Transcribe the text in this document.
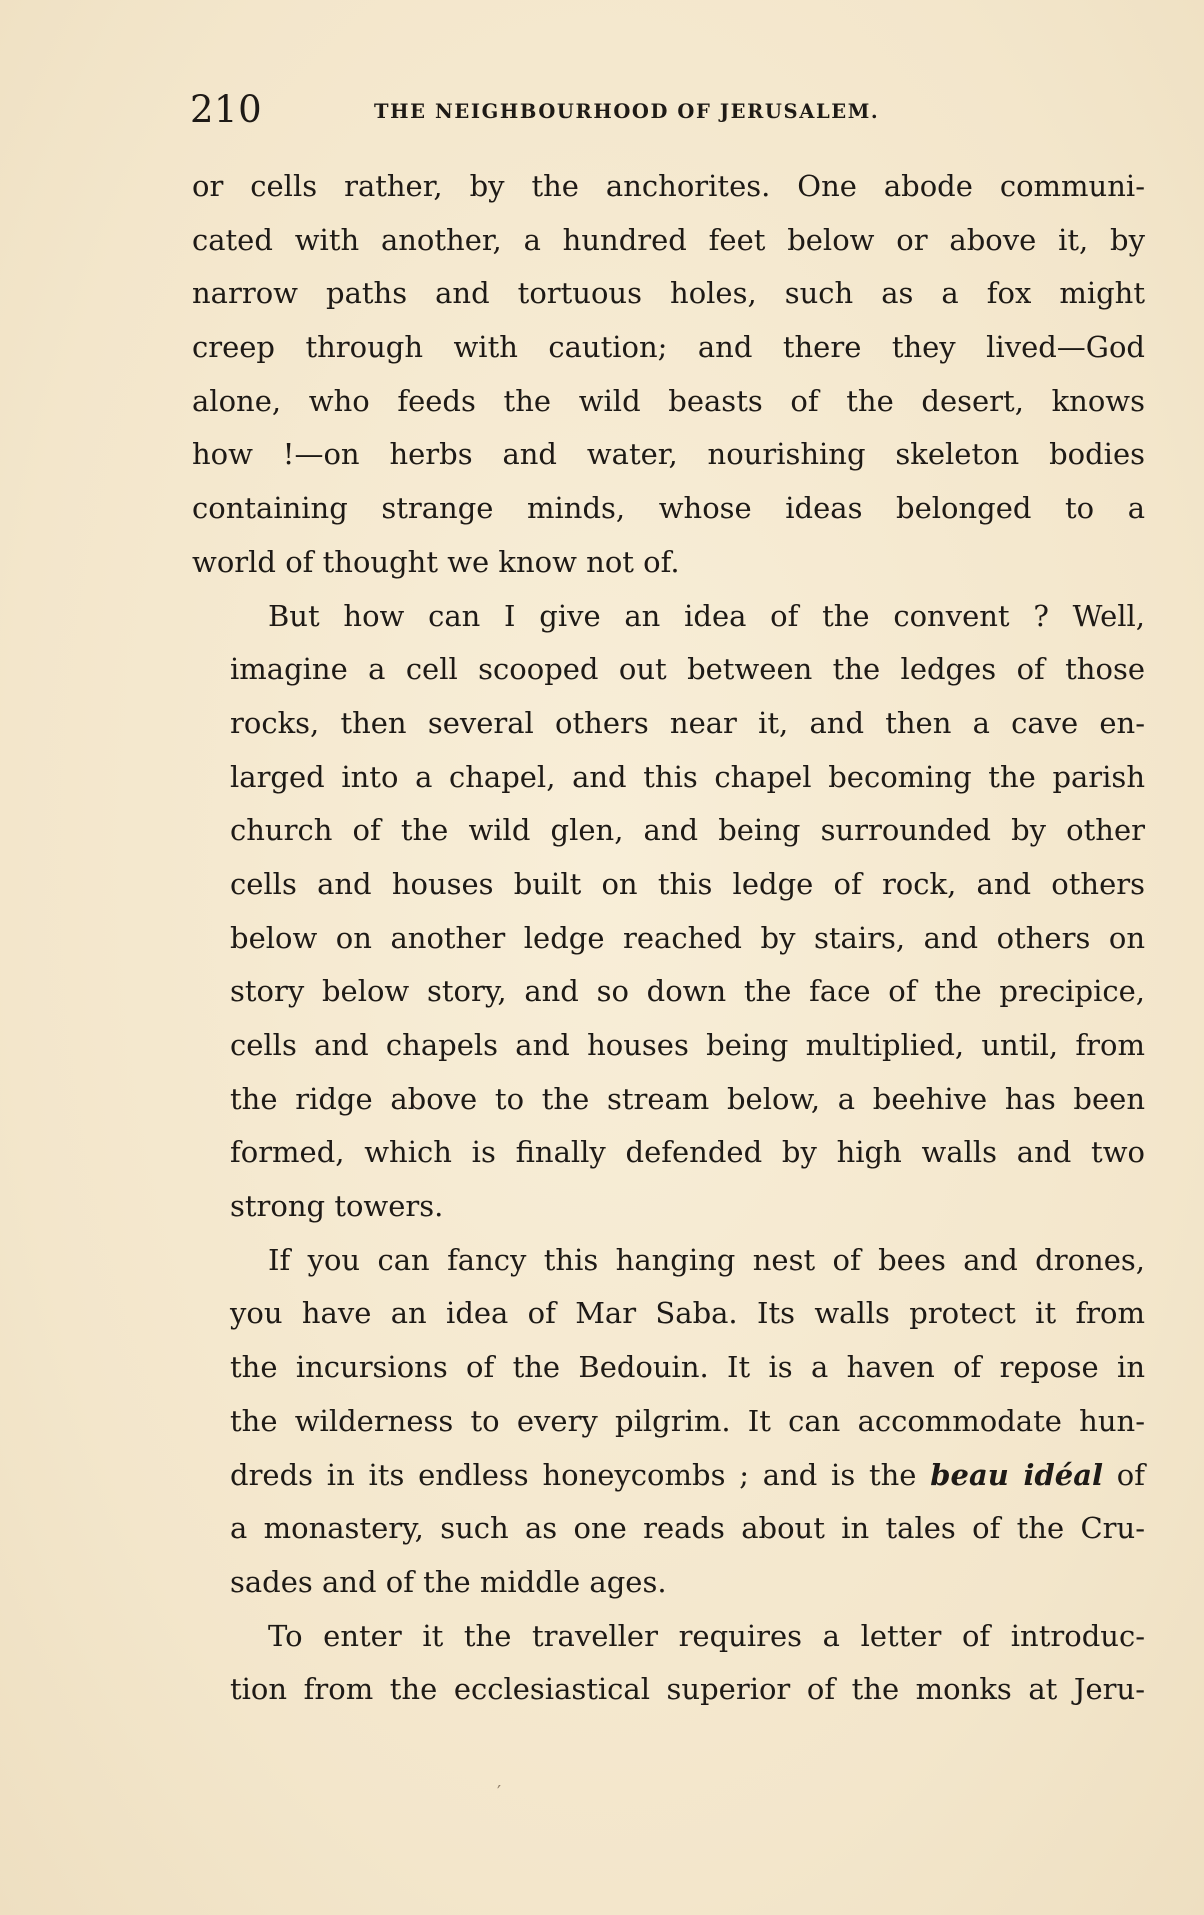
210	THE NEIGHBOURHOOD OF JERUSALEM.

or cells rather, by the anchorites. One abode communi-
cated with another, a hundred feet below or above it, by
narrow paths and tortuous holes, such as a fox might
creep through with caution; and there they lived—God
alone, who feeds the wild beasts of the desert, knows
how !—on herbs and water, nourishing skeleton bodies
containing strange minds, whose ideas belonged to a
world of thought we know not of.

But how can I give an idea of the convent ? Well,
imagine a cell scooped out between the ledges of those
rocks, then several others near it, and then a cave en-
larged into a chapel, and this chapel becoming the parish
church of the wild glen, and being surrounded by other
cells and houses built on this ledge of rock, and others
below on another ledge reached by stairs, and others on
story below story, and so down the face of the precipice,
cells and chapels and houses being multiplied, until, from
the ridge above to the stream below, a beehive has been
formed, which is finally defended by high walls and two
strong towers.

If you can fancy this hanging nest of bees and drones,
you have an idea of Mar Saba. Its walls protect it from
the incursions of the Bedouin. It is a haven of repose in
the wilderness to every pilgrim. It can accommodate hun-
dreds in its endless honeycombs ; and is the beau idéal of
a monastery, such as one reads about in tales of the Cru-
sades and of the middle ages.

To enter it the traveller requires a letter of introduc-
tion from the ecclesiastical superior of the monks at Jeru-

′
